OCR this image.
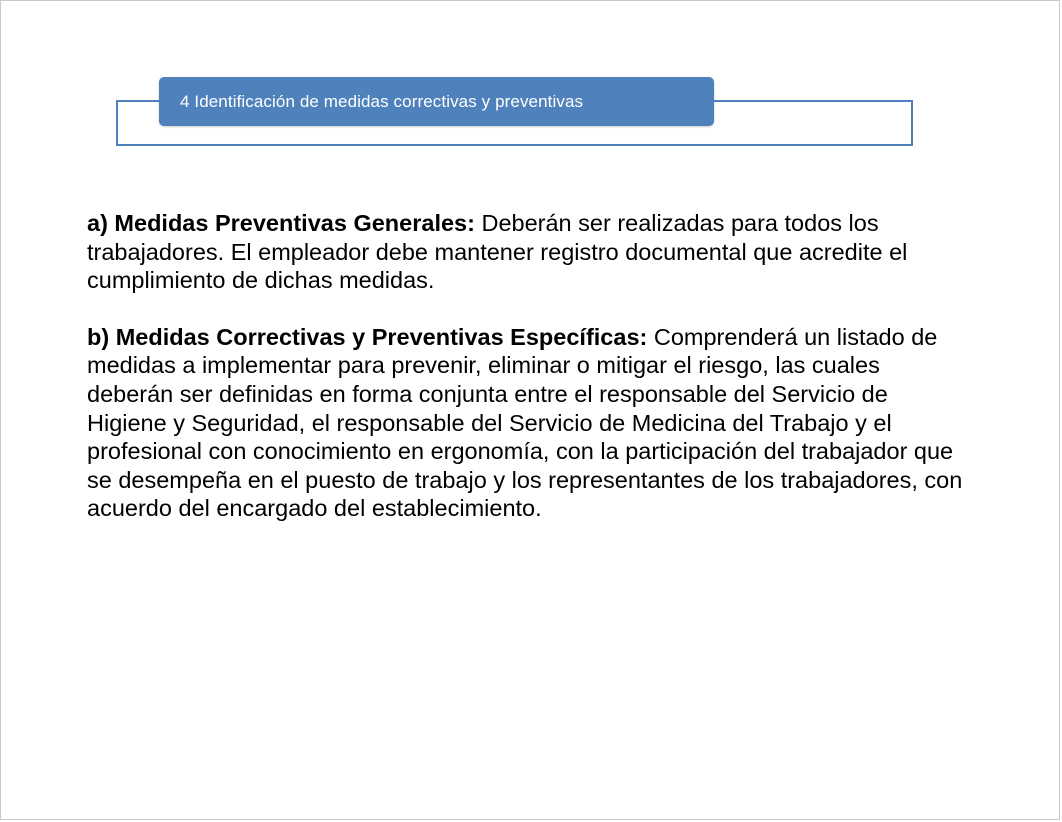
4 Identificación de medidas correctivas y preventivas

a) Medidas Preventivas Generales: Deberán ser realizadas para todos los trabajadores. El empleador debe mantener registro documental que acredite el cumplimiento de dichas medidas.

b) Medidas Correctivas y Preventivas Específicas: Comprenderá un listado de medidas a implementar para prevenir, eliminar o mitigar el riesgo, las cuales deberán ser definidas en forma conjunta entre el responsable del Servicio de Higiene y Seguridad, el responsable del Servicio de Medicina del Trabajo y el profesional con conocimiento en ergonomía, con la participación del trabajador que se desempeña en el puesto de trabajo y los representantes de los trabajadores, con acuerdo del encargado del establecimiento.
